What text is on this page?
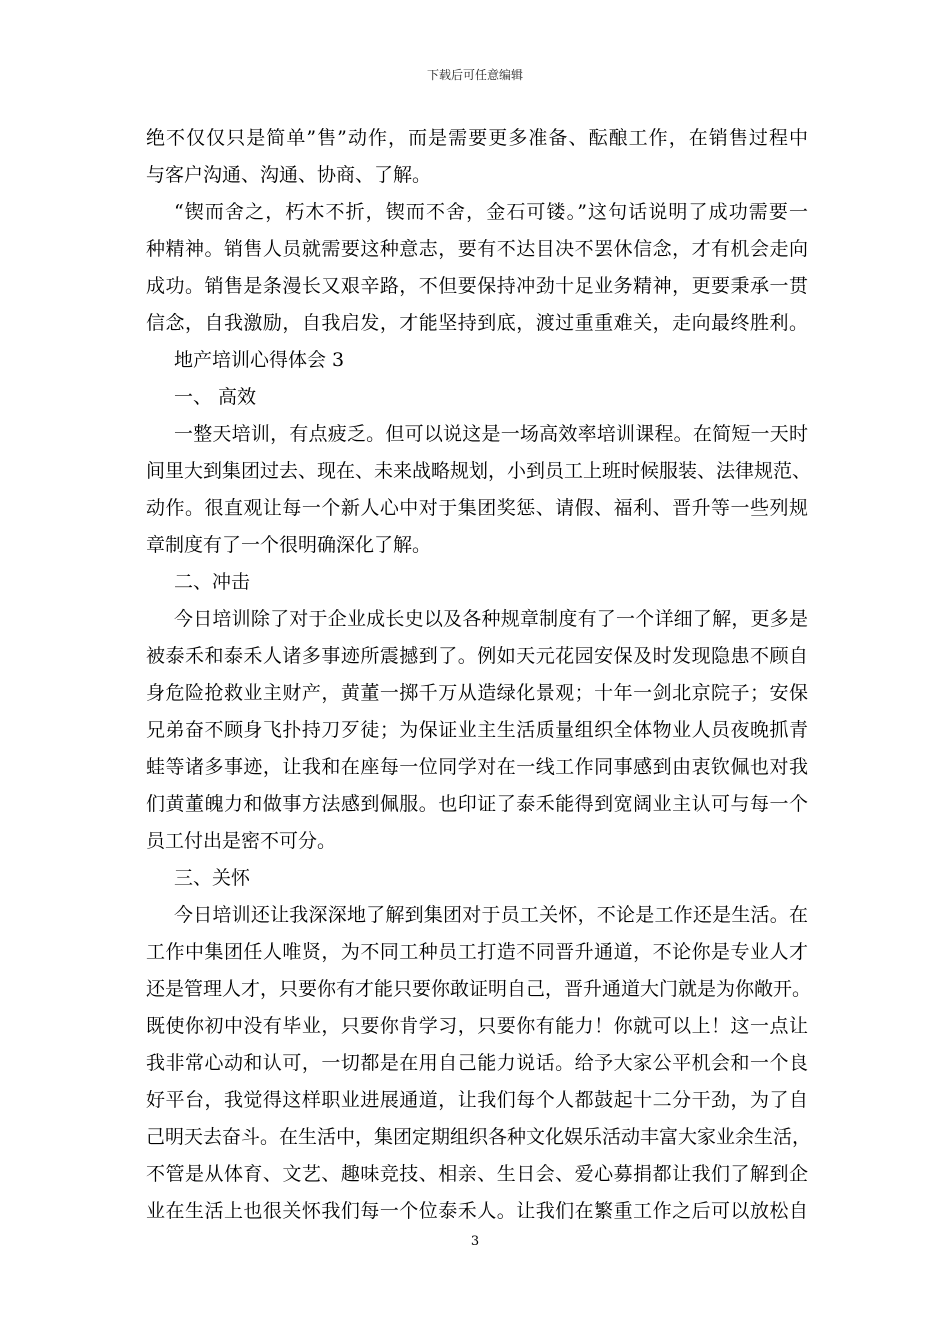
下载后可任意编辑
绝不仅仅只是简单”售”动作，而是需要更多准备、酝酿工作，在销售过程中
与客户沟通、沟通、协商、了解。
“锲而舍之，朽木不折，锲而不舍，金石可镂。”这句话说明了成功需要一
种精神。销售人员就需要这种意志，要有不达目决不罢休信念，才有机会走向
成功。销售是条漫长又艰辛路，不但要保持冲劲十足业务精神，更要秉承一贯
信念，自我激励，自我启发，才能坚持到底，渡过重重难关，走向最终胜利。
地产培训心得体会 3
一、 高效
一整天培训，有点疲乏。但可以说这是一场高效率培训课程。在简短一天时
间里大到集团过去、现在、未来战略规划，小到员工上班时候服装、法律规范、
动作。很直观让每一个新人心中对于集团奖惩、请假、福利、晋升等一些列规
章制度有了一个很明确深化了解。
二、冲击
今日培训除了对于企业成长史以及各种规章制度有了一个详细了解，更多是
被泰禾和泰禾人诸多事迹所震撼到了。例如天元花园安保及时发现隐患不顾自
身危险抢救业主财产，黄董一掷千万从造绿化景观；十年一剑北京院子；安保
兄弟奋不顾身飞扑持刀歹徒；为保证业主生活质量组织全体物业人员夜晚抓青
蛙等诸多事迹，让我和在座每一位同学对在一线工作同事感到由衷钦佩也对我
们黄董魄力和做事方法感到佩服。也印证了泰禾能得到宽阔业主认可与每一个
员工付出是密不可分。
三、关怀
今日培训还让我深深地了解到集团对于员工关怀，不论是工作还是生活。在
工作中集团任人唯贤，为不同工种员工打造不同晋升通道，不论你是专业人才
还是管理人才，只要你有才能只要你敢证明自己，晋升通道大门就是为你敞开。
既使你初中没有毕业，只要你肯学习，只要你有能力！你就可以上！这一点让
我非常心动和认可，一切都是在用自己能力说话。给予大家公平机会和一个良
好平台，我觉得这样职业进展通道，让我们每个人都鼓起十二分干劲，为了自
己明天去奋斗。在生活中，集团定期组织各种文化娱乐活动丰富大家业余生活，
不管是从体育、文艺、趣味竞技、相亲、生日会、爱心募捐都让我们了解到企
业在生活上也很关怀我们每一个位泰禾人。让我们在繁重工作之后可以放松自
3
